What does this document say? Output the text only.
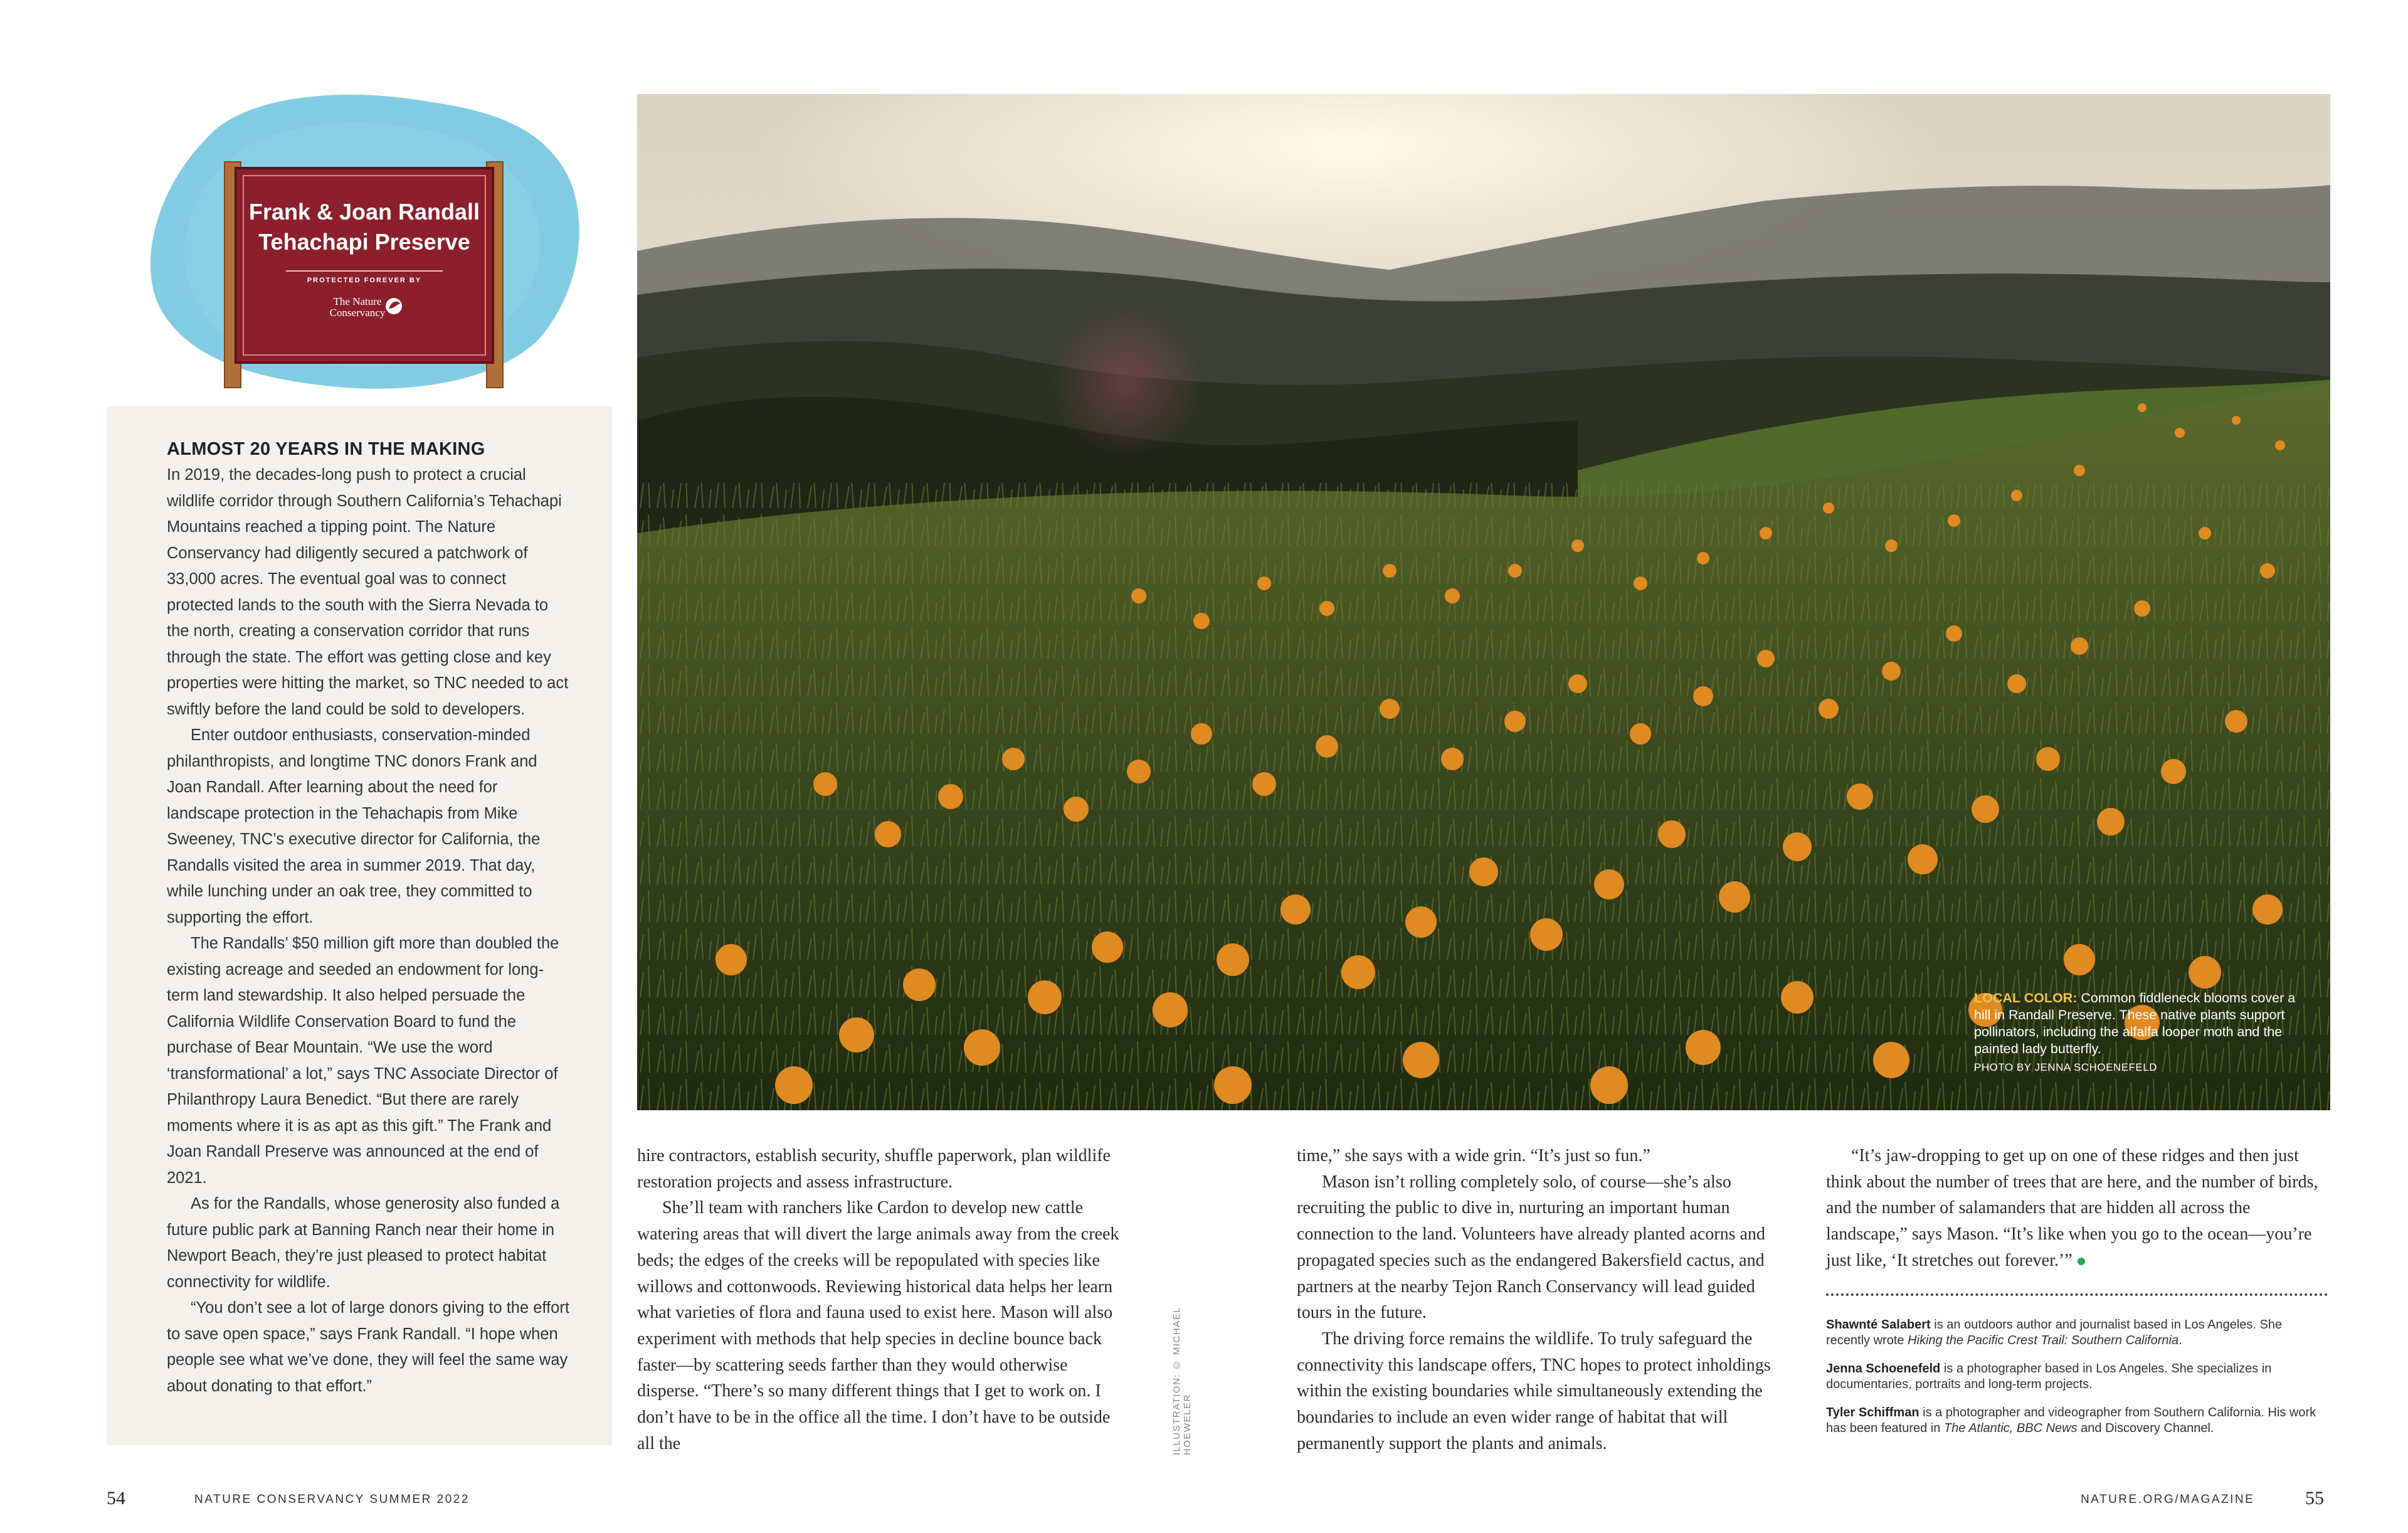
Frank & Joan Randall
Tehachapi Preserve
PROTECTED FOREVER BY
The Nature
Conservancy
ALMOST 20 YEARS IN THE MAKING

In 2019, the decades-long push to protect a crucial wildlife corridor through Southern California’s Tehachapi Mountains reached a tipping point. The Nature Conservancy had diligently secured a patchwork of 33,000 acres. The eventual goal was to connect protected lands to the south with the Sierra Nevada to the north, creating a conservation corridor that runs through the state. The effort was getting close and key properties were hitting the market, so TNC needed to act swiftly before the land could be sold to developers.

Enter outdoor enthusiasts, conservation-minded philanthropists, and longtime TNC donors Frank and Joan Randall. After learning about the need for landscape protection in the Tehachapis from Mike Sweeney, TNC’s executive director for California, the Randalls visited the area in summer 2019. That day, while lunching under an oak tree, they committed to supporting the effort.

The Randalls’ $50 million gift more than doubled the existing acreage and seeded an endowment for long-term land stewardship. It also helped persuade the California Wildlife Conservation Board to fund the purchase of Bear Mountain. “We use the word ‘transformational’ a lot,” says TNC Associate Director of Philanthropy Laura Benedict. “But there are rarely moments where it is as apt as this gift.” The Frank and Joan Randall Preserve was announced at the end of 2021.

As for the Randalls, whose generosity also funded a future public park at Banning Ranch near their home in Newport Beach, they’re just pleased to protect habitat connectivity for wildlife.

“You don’t see a lot of large donors giving to the effort to save open space,” says Frank Randall. “I hope when people see what we’ve done, they will feel the same way about donating to that effort.”

LOCAL COLOR: Common fiddleneck blooms cover a hill in Randall Preserve. These native plants support pollinators, including the alfalfa looper moth and the painted lady butterfly.
PHOTO BY JENNA SCHOENEFELD

hire contractors, establish security, shuffle paperwork, plan wildlife restoration projects and assess infrastructure.

She’ll team with ranchers like Cardon to develop new cattle watering areas that will divert the large animals away from the creek beds; the edges of the creeks will be repopulated with species like willows and cottonwoods. Reviewing historical data helps her learn what varieties of flora and fauna used to exist here. Mason will also experiment with methods that help species in decline bounce back faster—by scattering seeds farther than they would otherwise disperse. “There’s so many different things that I get to work on. I don’t have to be in the office all the time. I don’t have to be outside all the	ILLUSTRATION: © MICHAEL HOEWELER

time,” she says with a wide grin. “It’s just so fun.”

Mason isn’t rolling completely solo, of course—she’s also recruiting the public to dive in, nurturing an important human connection to the land. Volunteers have already planted acorns and propagated species such as the endangered Bakersfield cactus, and partners at the nearby Tejon Ranch Conservancy will lead guided tours in the future.

The driving force remains the wildlife. To truly safeguard the connectivity this landscape offers, TNC hopes to protect inholdings within the existing boundaries while simultaneously extending the boundaries to include an even wider range of habitat that will permanently support the plants and animals.

“It’s jaw-dropping to get up on one of these ridges and then just think about the number of trees that are here, and the number of birds, and the number of salamanders that are hidden all across the landscape,” says Mason. “It’s like when you go to the ocean—you’re just like, ‘It stretches out forever.’”

Shawnté Salabert is an outdoors author and journalist based in Los Angeles. She recently wrote Hiking the Pacific Crest Trail: Southern California.

Jenna Schoenefeld is a photographer based in Los Angeles. She specializes in documentaries, portraits and long-term projects.

Tyler Schiffman is a photographer and videographer from Southern California. His work has been featured in The Atlantic, BBC News and Discovery Channel.

54	NATURE CONSERVANCY SUMMER 2022	NATURE.ORG/MAGAZINE	55
